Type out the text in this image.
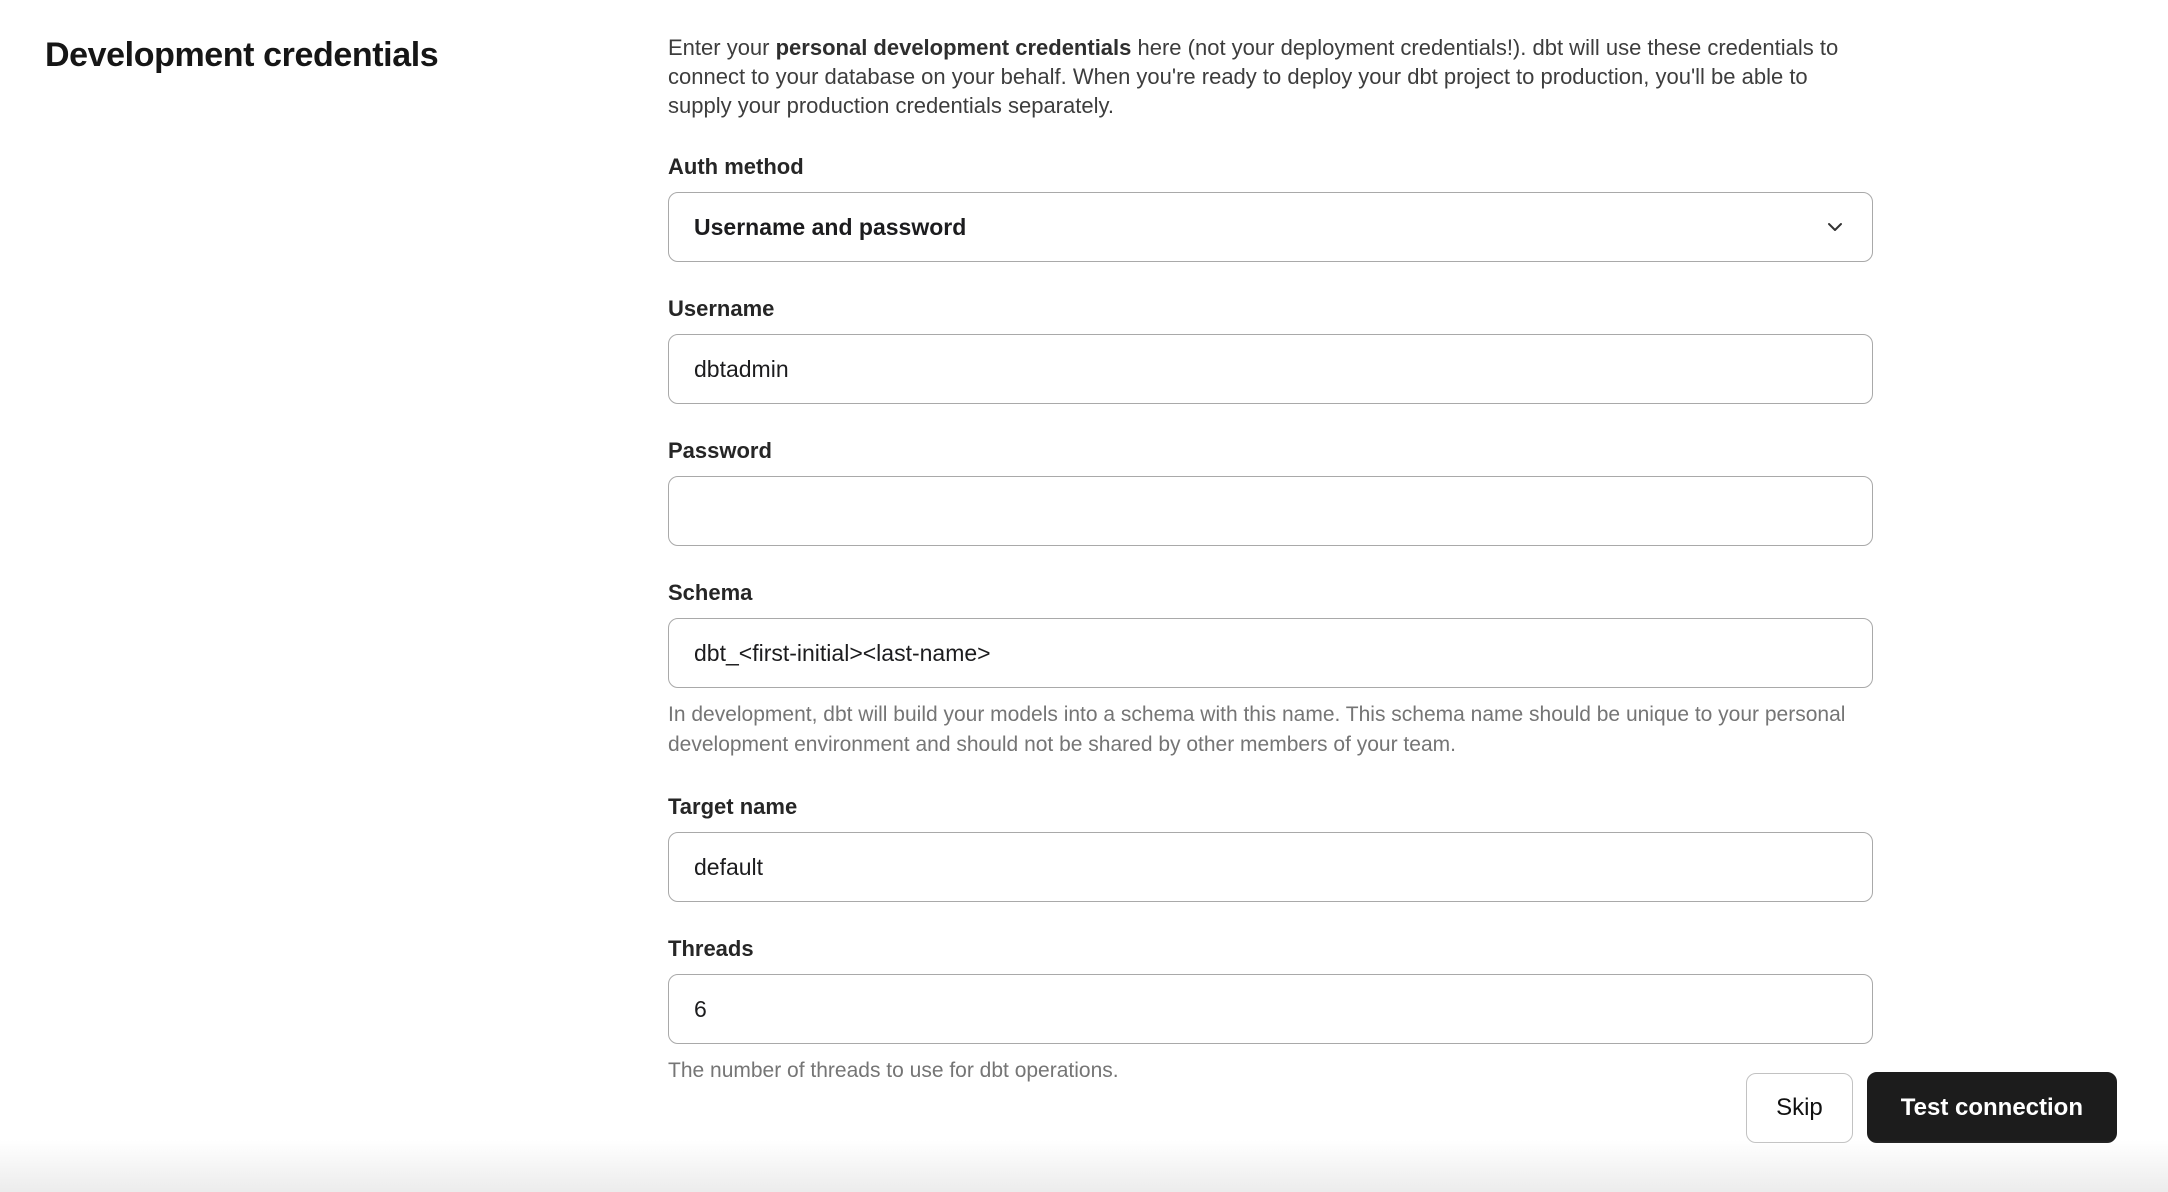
Development credentials	Enter your personal development credentials here (not your deployment credentials!). dbt will use these credentials to connect to your database on your behalf. When you're ready to deploy your dbt project to production, you'll be able to supply your production credentials separately.

Auth method
Username and password
Username
dbtadmin
Password
Schema
dbt_<first-initial><last-name>
In development, dbt will build your models into a schema with this name. This schema name should be unique to your personal development environment and should not be shared by other members of your team.
Target name
default
Threads
6
The number of threads to use for dbt operations.
Skip	Test connection
